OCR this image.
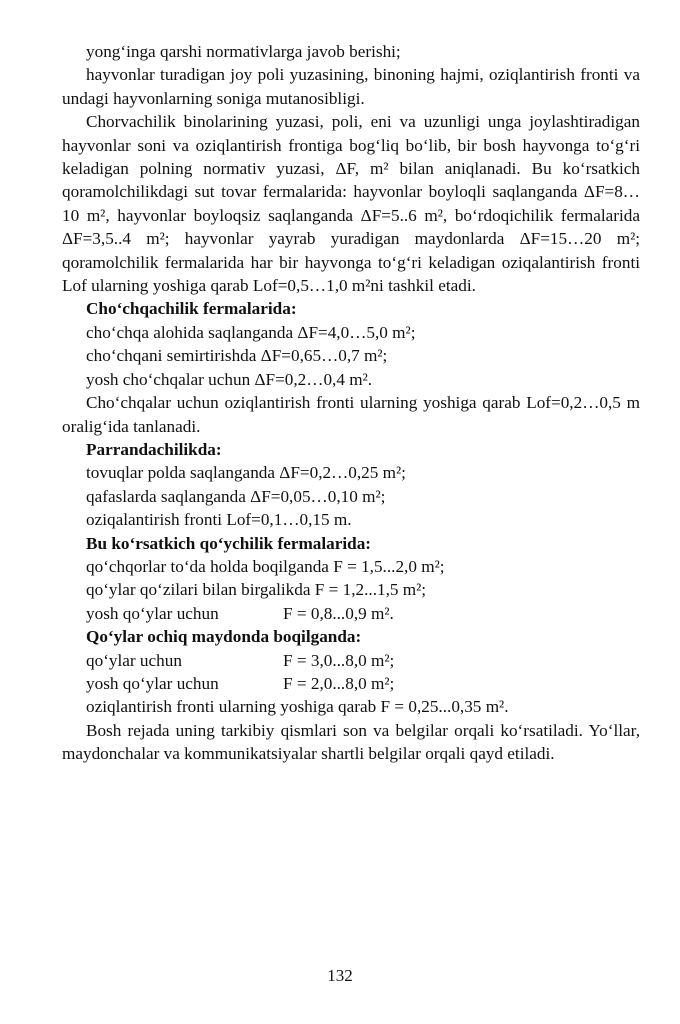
yong‘inga qarshi normativlarga javob berishi;

hayvonlar turadigan joy poli yuzasining, binoning hajmi, oziqlantirish fronti va undagi hayvonlarning soniga mutanosibligi.

Chorvachilik binolarining yuzasi, poli, eni va uzunligi unga joylashtiradigan hayvonlar soni va oziqlantirish frontiga bog‘liq bo‘lib, bir bosh hayvonga to‘g‘ri keladigan polning normativ yuzasi, ΔF, m² bilan aniqlanadi. Bu ko‘rsatkich qoramolchilikdagi sut tovar fermalarida: hayvonlar boyloqli saqlanganda ΔF=8…10 m², hayvonlar boyloqsiz saqlanganda ΔF=5..6 m², bo‘rdoqichilik fermalarida ΔF=3,5..4 m²; hayvonlar yayrab yuradigan maydonlarda ΔF=15…20 m²; qoramolchilik fermalarida har bir hayvonga to‘g‘ri keladigan oziqalantirish fronti Lof ularning yoshiga qarab Lof=0,5…1,0 m²ni tashkil etadi.

Cho‘chqachilik fermalarida:

cho‘chqa alohida saqlanganda ΔF=4,0…5,0 m²;

cho‘chqani semirtirishda ΔF=0,65…0,7 m²;

yosh cho‘chqalar uchun ΔF=0,2…0,4 m².

Cho‘chqalar uchun oziqlantirish fronti ularning yoshiga qarab Lof=0,2…0,5 m oralig‘ida tanlanadi.

Parrandachilikda:

tovuqlar polda saqlanganda ΔF=0,2…0,25 m²;

qafaslarda saqlanganda ΔF=0,05…0,10 m²;

oziqalantirish fronti Lof=0,1…0,15 m.

Bu ko‘rsatkich qo‘ychilik fermalarida:

qo‘chqorlar to‘da holda boqilganda F = 1,5...2,0 m²;

qo‘ylar qo‘zilari bilan birgalikda F = 1,2...1,5 m²;

yosh qo‘ylar uchun	F = 0,8...0,9 m².

Qo‘ylar ochiq maydonda boqilganda:

qo‘ylar uchun	F = 3,0...8,0 m²;

yosh qo‘ylar uchun	F = 2,0...8,0 m²;

oziqlantirish fronti ularning yoshiga qarab F = 0,25...0,35 m².

Bosh rejada uning tarkibiy qismlari son va belgilar orqali ko‘rsatiladi. Yo‘llar, maydonchalar va kommunikatsiyalar shartli belgilar orqali qayd etiladi.

132
